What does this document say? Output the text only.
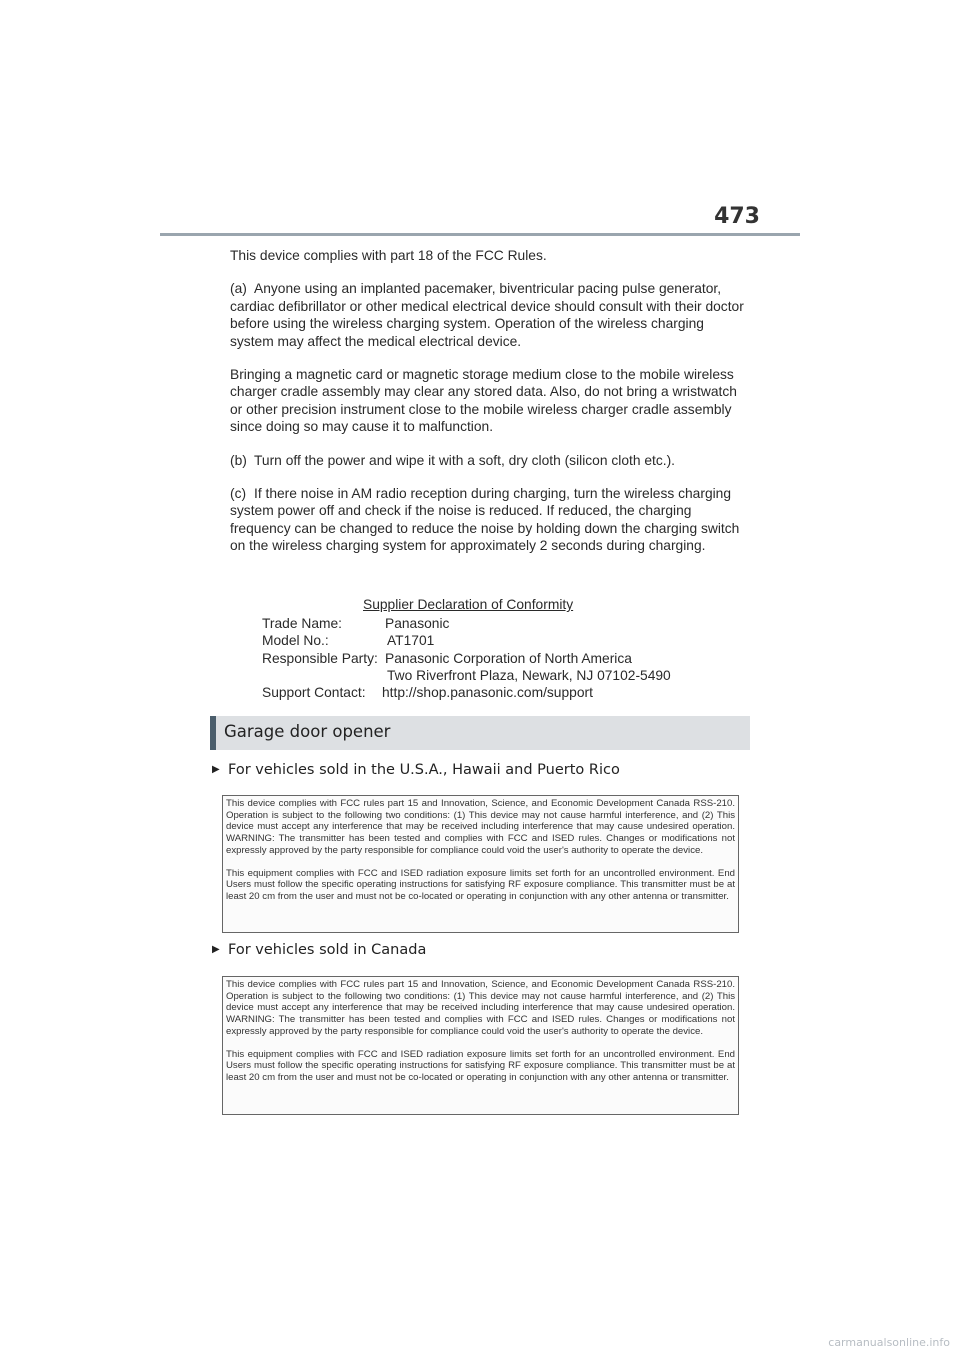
473

This device complies with part 18 of the FCC Rules.

(a) Anyone using an implanted pacemaker, biventricular pacing pulse generator, cardiac defibrillator or other medical electrical device should consult with their doctor before using the wireless charging system. Operation of the wireless charging system may affect the medical electrical device.

Bringing a magnetic card or magnetic storage medium close to the mobile wireless charger cradle assembly may clear any stored data. Also, do not bring a wristwatch or other precision instrument close to the mobile wireless charger cradle assembly since doing so may cause it to malfunction.

(b) Turn off the power and wipe it with a soft, dry cloth (silicon cloth etc.).

(c) If there noise in AM radio reception during charging, turn the wireless charging system power off and check if the noise is reduced. If reduced, the charging frequency can be changed to reduce the noise by holding down the charging switch on the wireless charging system for approximately 2 seconds during charging.

Supplier Declaration of Conformity
Trade Name:	Panasonic
Model No.:	AT1701
Responsible Party: Panasonic Corporation of North America
Two Riverfront Plaza, Newark, NJ 07102-5490
Support Contact: http://shop.panasonic.com/support
Garage door opener
▶ For vehicles sold in the U.S.A., Hawaii and Puerto Rico

This device complies with FCC rules part 15 and Innovation, Science, and Economic Development Canada RSS-210. Operation is subject to the following two conditions: (1) This device may not cause harmful interference, and (2) This device must accept any interference that may be received including interference that may cause undesired operation. WARNING: The transmitter has been tested and complies with FCC and ISED rules. Changes or modifications not expressly approved by the party responsible for compliance could void the user's authority to operate the device.

This equipment complies with FCC and ISED radiation exposure limits set forth for an uncontrolled environment. End Users must follow the specific operating instructions for satisfying RF exposure compliance. This transmitter must be at least 20 cm from the user and must not be co-located or operating in conjunction with any other antenna or transmitter.

▶ For vehicles sold in Canada

This device complies with FCC rules part 15 and Innovation, Science, and Economic Development Canada RSS-210. Operation is subject to the following two conditions: (1) This device may not cause harmful interference, and (2) This device must accept any interference that may be received including interference that may cause undesired operation. WARNING: The transmitter has been tested and complies with FCC and ISED rules. Changes or modifications not expressly approved by the party responsible for compliance could void the user's authority to operate the device.

This equipment complies with FCC and ISED radiation exposure limits set forth for an uncontrolled environment. End Users must follow the specific operating instructions for satisfying RF exposure compliance. This transmitter must be at least 20 cm from the user and must not be co-located or operating in conjunction with any other antenna or transmitter.

carmanualsonline.info
